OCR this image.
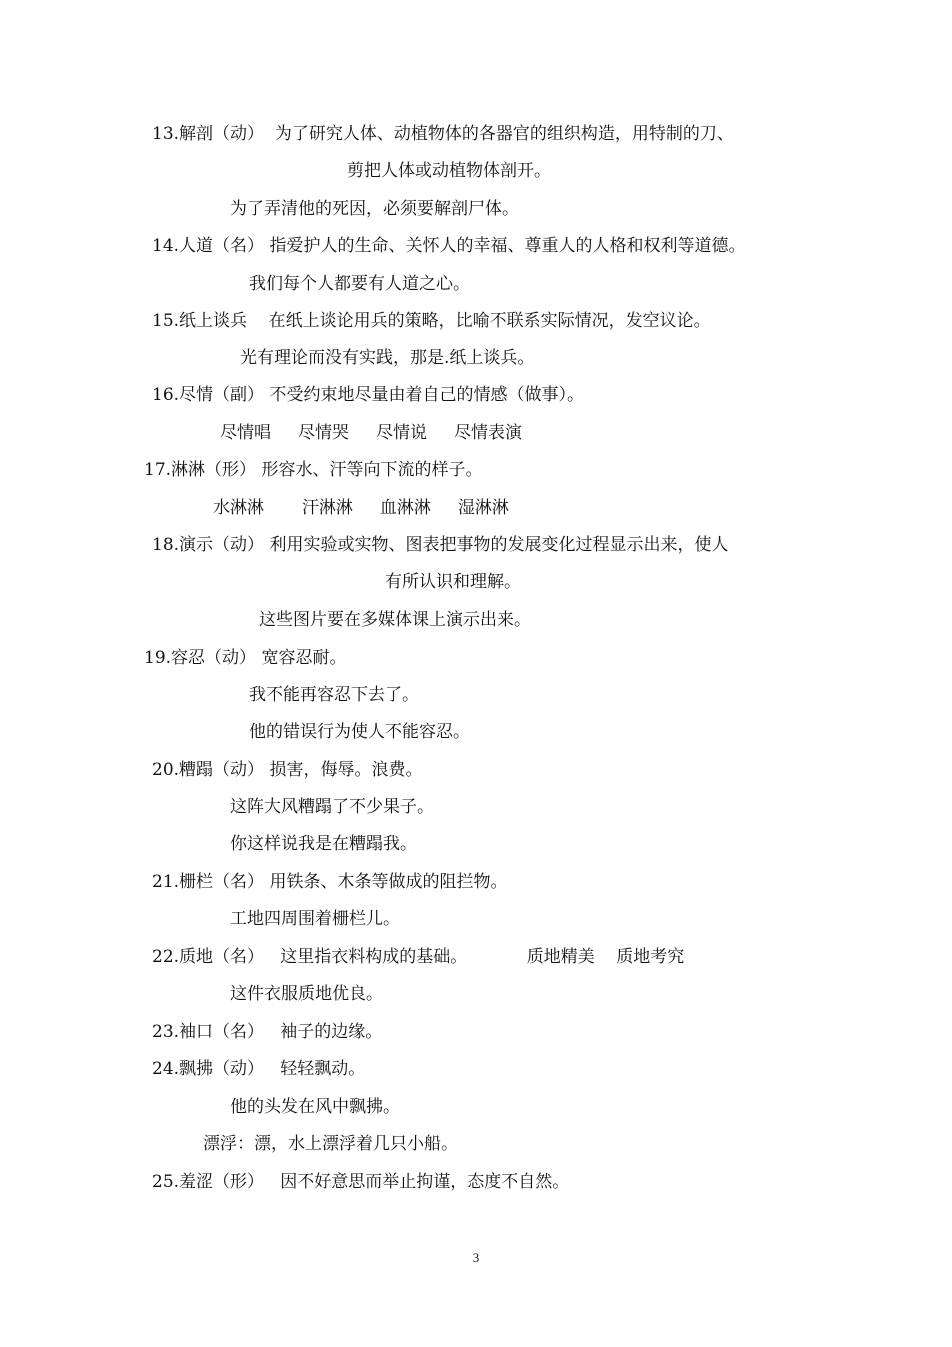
13.解剖（动）  为了研究人体、动植物体的各器官的组织构造，用特制的刀、
剪把人体或动植物体剖开。
为了弄清他的死因，必须要解剖尸体。
14.人道（名） 指爱护人的生命、关怀人的幸福、尊重人的人格和权利等道德。
我们每个人都要有人道之心。
15.纸上谈兵    在纸上谈论用兵的策略，比喻不联系实际情况，发空议论。
光有理论而没有实践，那是.纸上谈兵。
16.尽情（副） 不受约束地尽量由着自己的情感（做事）。
尽情唱     尽情哭     尽情说     尽情表演
17.淋淋（形） 形容水、汗等向下流的样子。
水淋淋       汗淋淋     血淋淋     湿淋淋
18.演示（动） 利用实验或实物、图表把事物的发展变化过程显示出来，使人
有所认识和理解。
这些图片要在多媒体课上演示出来。
19.容忍（动） 宽容忍耐。
我不能再容忍下去了。
他的错误行为使人不能容忍。
20.糟蹋（动） 损害，侮辱。浪费。
这阵大风糟蹋了不少果子。
你这样说我是在糟蹋我。
21.栅栏（名） 用铁条、木条等做成的阻拦物。
工地四周围着栅栏儿。
22.质地（名）   这里指衣料构成的基础。           质地精美    质地考究
这件衣服质地优良。
23.袖口（名）   袖子的边缘。
24.飘拂（动）   轻轻飘动。
他的头发在风中飘拂。
漂浮：漂，水上漂浮着几只小船。
25.羞涩（形）   因不好意思而举止拘谨，态度不自然。
3
